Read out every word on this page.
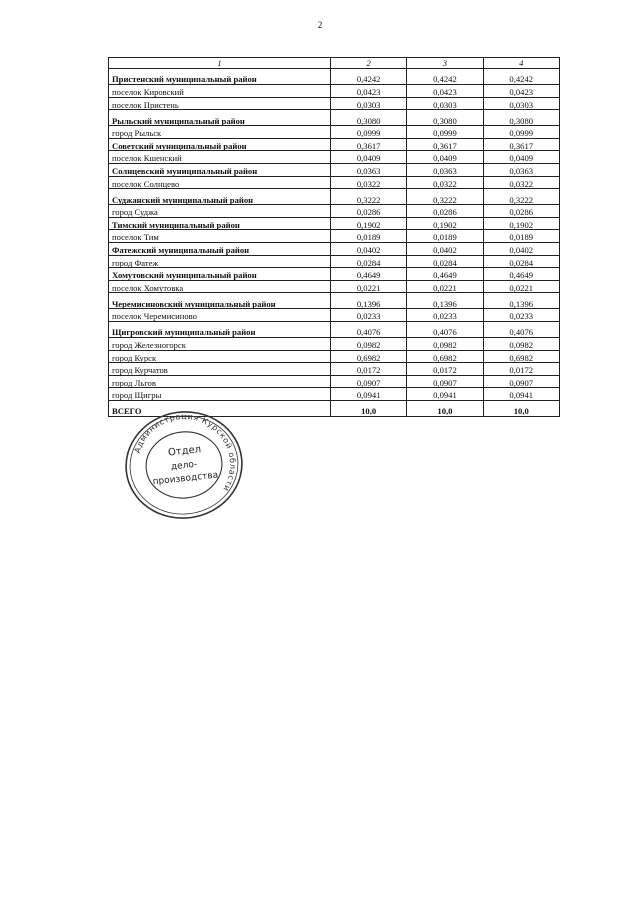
2
1	2	3	4
Пристенский муниципальный район	0,4242	0,4242	0,4242
поселок Кировский	0,0423	0,0423	0,0423
поселок Пристень	0,0303	0,0303	0,0303
Рыльский муниципальный район	0,3080	0,3080	0,3080
город Рыльск	0,0999	0,0999	0,0999
Советский муниципальный район	0,3617	0,3617	0,3617
поселок Кшенский	0,0409	0,0409	0,0409
Солнцевский муниципальный район	0,0363	0,0363	0,0363
поселок Солнцево	0,0322	0,0322	0,0322
Суджанский муниципальный район	0,3222	0,3222	0,3222
город Суджа	0,0286	0,0286	0,0286
Тимский муниципальный район	0,1902	0,1902	0,1902
поселок Тим	0,0189	0,0189	0,0189
Фатежский муниципальный район	0,0402	0,0402	0,0402
город Фатеж	0,0284	0,0284	0,0284
Хомутовский муниципальный район	0,4649	0,4649	0,4649
поселок Хомутовка	0,0221	0,0221	0,0221
Черемисиновский муниципальный район	0,1396	0,1396	0,1396
поселок Черемисиново	0,0233	0,0233	0,0233
Щигровский муниципальный район	0,4076	0,4076	0,4076
город Железногорск	0,0982	0,0982	0,0982
город Курск	0,6982	0,6982	0,6982
город Курчатов	0,0172	0,0172	0,0172
город Льгов	0,0907	0,0907	0,0907
город Щигры	0,0941	0,0941	0,0941
ВСЕГО	10,0	10,0	10,0
Администрация Курской области
Отдел
дело-
производства
